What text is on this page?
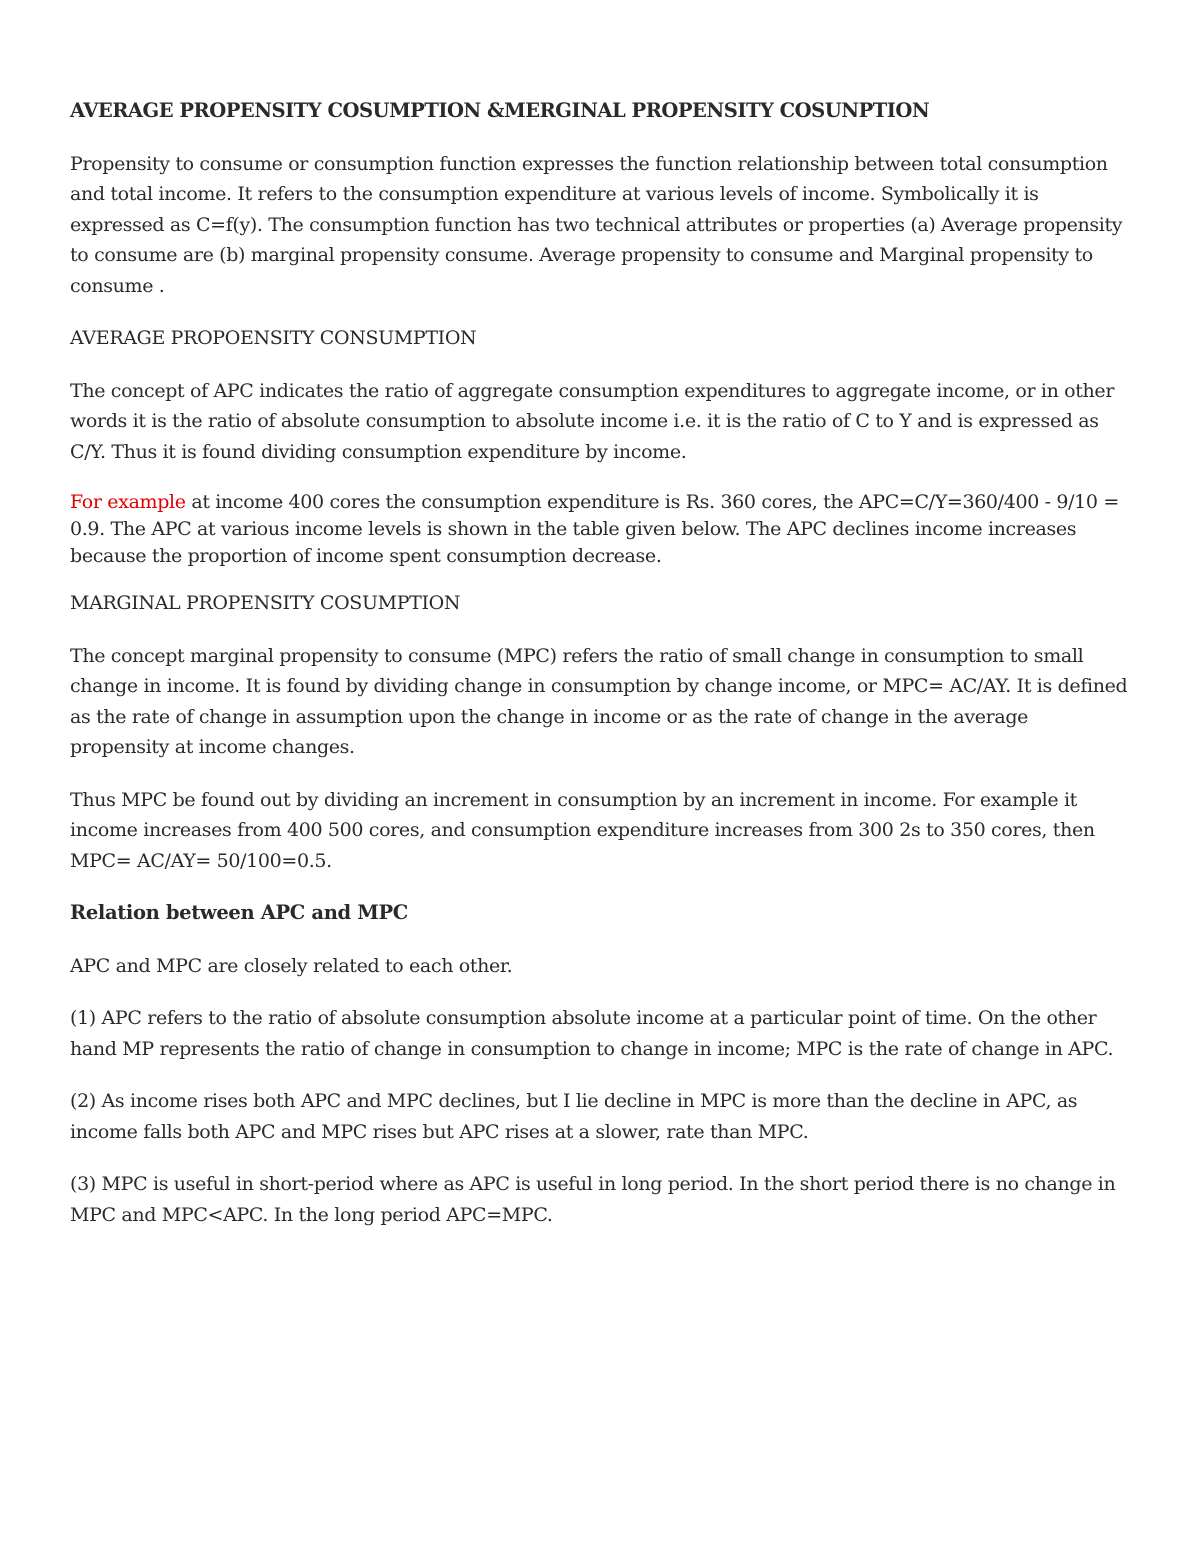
AVERAGE PROPENSITY COSUMPTION &MERGINAL PROPENSITY COSUNPTION

Propensity to consume or consumption function expresses the function relationship between total consumption and total income. It refers to the consumption expenditure at various levels of income. Symbolically it is expressed as C=f(y). The consumption function has two technical attributes or properties (a) Average propensity to consume are (b) marginal propensity consume. Average propensity to consume and Marginal propensity to consume .

AVERAGE PROPOENSITY CONSUMPTION

The concept of APC indicates the ratio of aggregate consumption expenditures to aggregate income, or in other words it is the ratio of absolute consumption to absolute income i.e. it is the ratio of C to Y and is expressed as C/Y. Thus it is found dividing consumption expenditure by income.

For example at income 400 cores the consumption expenditure is Rs. 360 cores, the APC=C/Y=360/400 - 9/10 = 0.9. The APC at various income levels is shown in the table given below. The APC declines income increases because the proportion of income spent consumption decrease.

MARGINAL PROPENSITY COSUMPTION

The concept marginal propensity to consume (MPC) refers the ratio of small change in consumption to small change in income. It is found by dividing change in consumption by change income, or MPC= AC/AY. It is defined as the rate of change in assumption upon the change in income or as the rate of change in the average propensity at income changes.

Thus MPC be found out by dividing an increment in consumption by an increment in income. For example it income increases from 400 500 cores, and consumption expenditure increases from 300 2s to 350 cores, then MPC= AC/AY= 50/100=0.5.

Relation between APC and MPC

APC and MPC are closely related to each other.

(1) APC refers to the ratio of absolute consumption absolute income at a particular point of time. On the other hand MP represents the ratio of change in consumption to change in income; MPC is the rate of change in APC.

(2) As income rises both APC and MPC declines, but I lie decline in MPC is more than the decline in APC, as income falls both APC and MPC rises but APC rises at a slower, rate than MPC.

(3) MPC is useful in short-period where as APC is useful in long period. In the short period there is no change in MPC and MPC<APC. In the long period APC=MPC.
